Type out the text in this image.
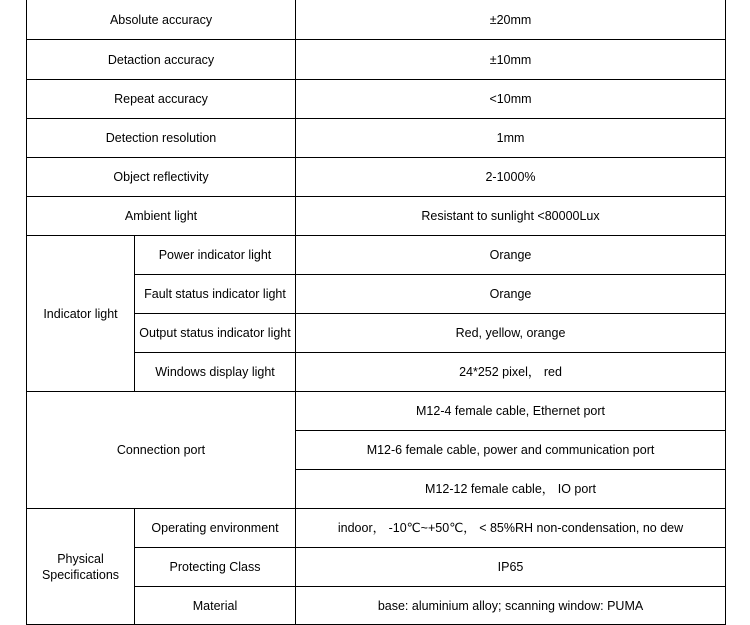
Absolute accuracy		±20mm
Detaction accuracy		±10mm
Repeat accuracy		<10mm
Detection resolution		1mm
Object reflectivity		2-1000%
Ambient light		Resistant to sunlight <80000Lux
Indicator light	Power indicator light	Orange
	Fault status indicator light	Orange
	Output status indicator light	Red, yellow, orange
	Windows display light	24*252 pixel， red
Connection port		M12-4 female cable, Ethernet port
		M12-6 female cable, power and communication port
		M12-12 female cable， IO port
Physical
Specifications	Operating environment	indoor， -10℃~+50℃， < 85%RH non-condensation, no dew
	Protecting Class	IP65
	Material	base: aluminium alloy; scanning window: PUMA
